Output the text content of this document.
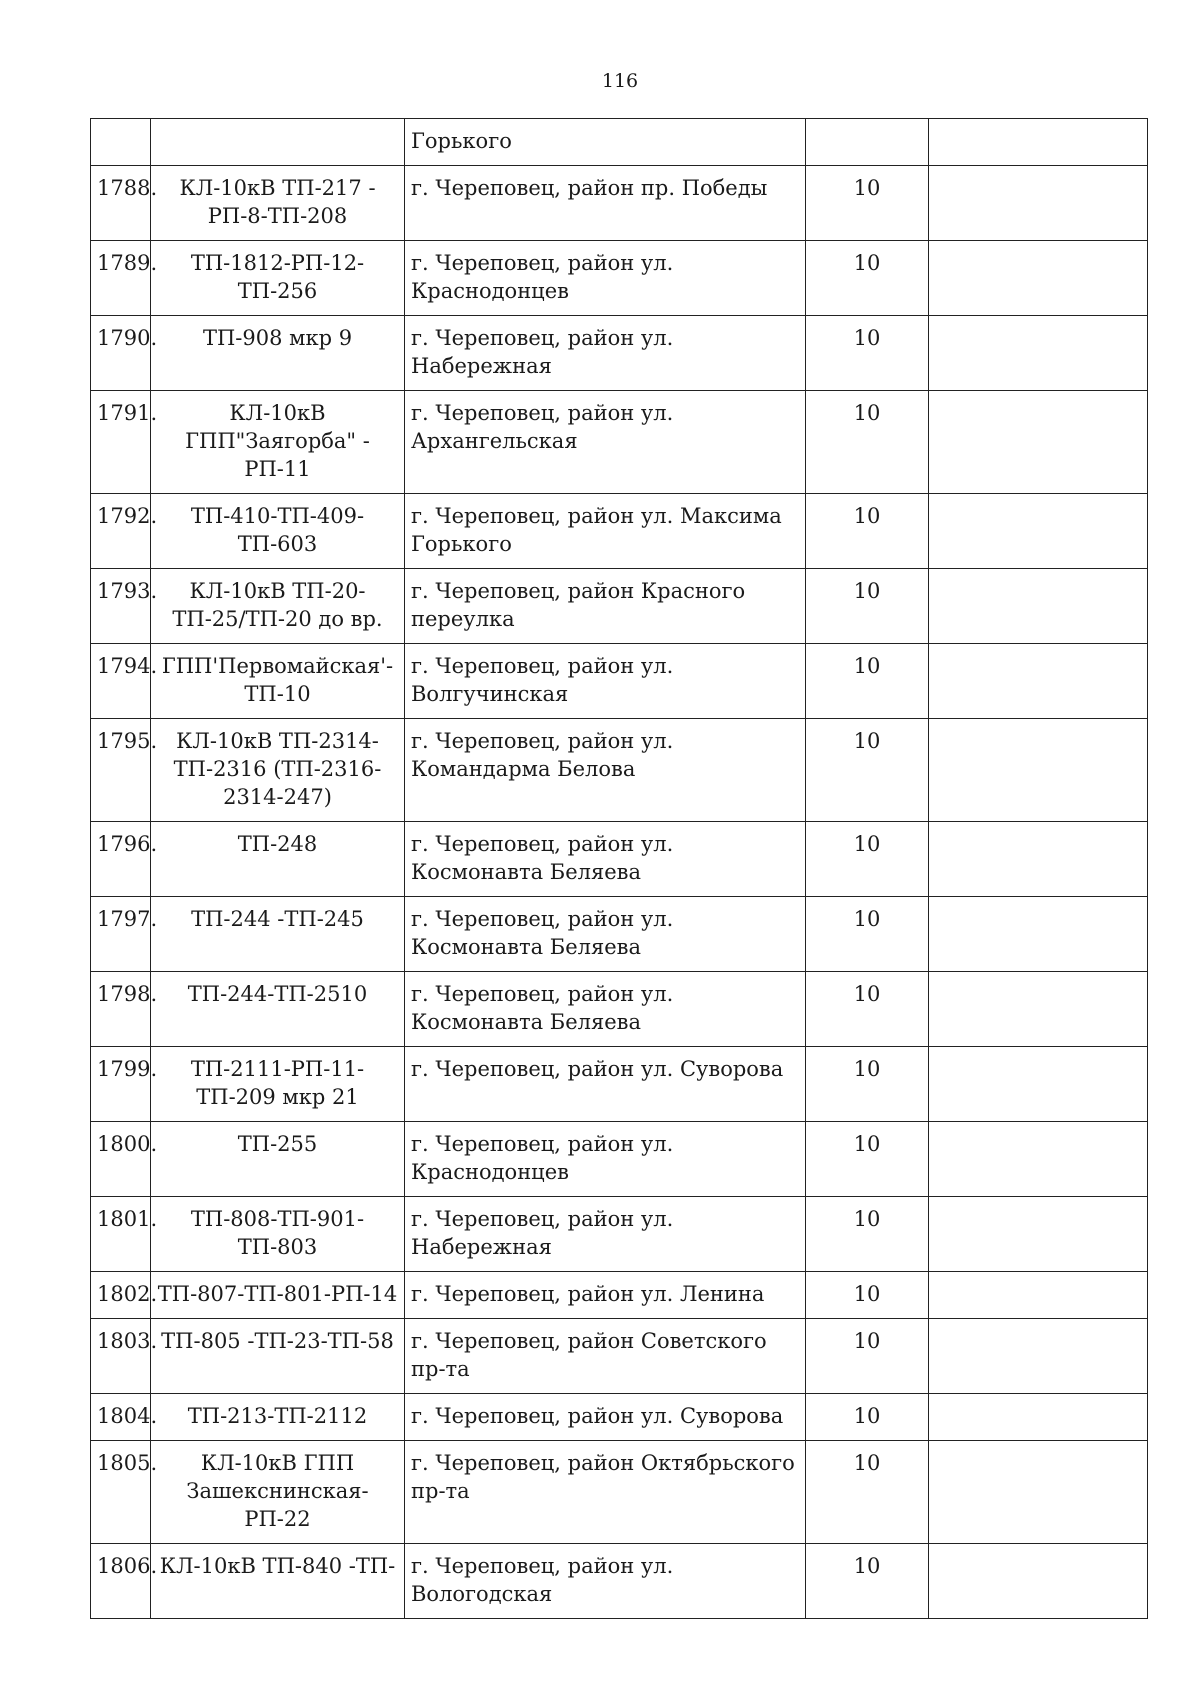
116
		Горького		
1788.	КЛ-10кВ ТП-217 - РП-8-ТП-208	г. Череповец, район пр. Победы	10	
1789.	ТП-1812-РП-12-ТП-256	г. Череповец, район ул. Краснодонцев	10	
1790.	ТП-908 мкр 9	г. Череповец, район ул. Набережная	10	
1791.	КЛ-10кВ ГПП"Заягорба" - РП-11	г. Череповец, район ул. Архангельская	10	
1792.	ТП-410-ТП-409-ТП-603	г. Череповец, район ул. Максима Горького	10	
1793.	КЛ-10кВ ТП-20-ТП-25/ТП-20 до вр.	г. Череповец, район Красного переулка	10	
1794.	ГПП'Первомайская'-ТП-10	г. Череповец, район ул. Волгучинская	10	
1795.	КЛ-10кВ ТП-2314-ТП-2316 (ТП-2316- 2314-247)	г. Череповец, район ул. Командарма Белова	10	
1796.	ТП-248	г. Череповец, район ул. Космонавта Беляева	10	
1797.	ТП-244 -ТП-245	г. Череповец, район ул. Космонавта Беляева	10	
1798.	ТП-244-ТП-2510	г. Череповец, район ул. Космонавта Беляева	10	
1799.	ТП-2111-РП-11-ТП-209 мкр 21	г. Череповец, район ул. Суворова	10	
1800.	ТП-255	г. Череповец, район ул. Краснодонцев	10	
1801.	ТП-808-ТП-901-ТП-803	г. Череповец, район ул. Набережная	10	
1802.	ТП-807-ТП-801-РП-14	г. Череповец, район ул. Ленина	10	
1803.	ТП-805 -ТП-23-ТП-58	г. Череповец, район Советского пр-та	10	
1804.	ТП-213-ТП-2112	г. Череповец, район ул. Суворова	10	
1805.	КЛ-10кВ ГПП Зашекснинская-РП-22	г. Череповец, район Октябрьского пр-та	10	
1806.	КЛ-10кВ ТП-840 -ТП-	г. Череповец, район ул. Вологодская	10	
